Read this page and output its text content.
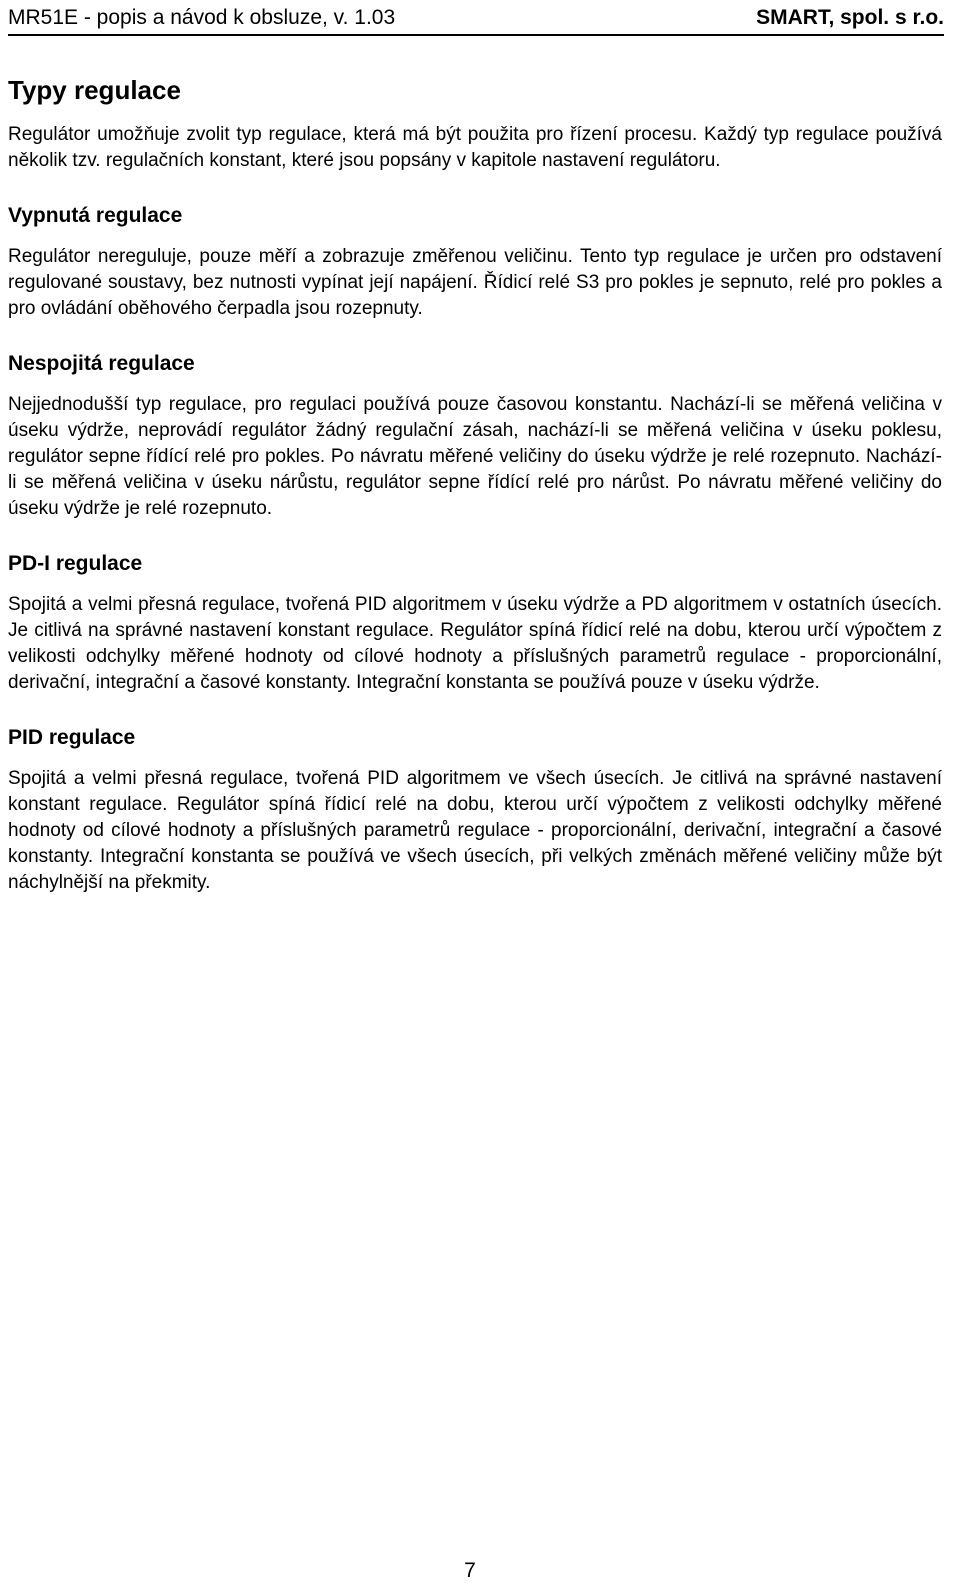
MR51E - popis a návod k obsluze, v. 1.03	SMART, spol. s r.o.
Typy regulace

Regulátor umožňuje zvolit typ regulace, která má být použita pro řízení procesu. Každý typ regulace používá několik tzv. regulačních konstant, které jsou popsány v kapitole nastavení regulátoru.

Vypnutá regulace

Regulátor nereguluje, pouze měří a zobrazuje změřenou veličinu. Tento typ regulace je určen pro odstavení regulované soustavy, bez nutnosti vypínat její napájení. Řídicí relé S3 pro pokles je sepnuto, relé pro pokles a pro ovládání oběhového čerpadla jsou rozepnuty.

Nespojitá regulace

Nejjednodušší typ regulace, pro regulaci používá pouze časovou konstantu. Nachází-li se měřená veličina v úseku výdrže, neprovádí regulátor žádný regulační zásah, nachází-li se měřená veličina v úseku poklesu, regulátor sepne řídící relé pro pokles. Po návratu měřené veličiny do úseku výdrže je relé rozepnuto. Nachází-li se měřená veličina v úseku nárůstu, regulátor sepne řídící relé pro nárůst. Po návratu měřené veličiny do úseku výdrže je relé rozepnuto.

PD-I regulace

Spojitá a velmi přesná regulace, tvořená PID algoritmem v úseku výdrže a PD algoritmem v ostatních úsecích. Je citlivá na správné nastavení konstant regulace. Regulátor spíná řídicí relé na dobu, kterou určí výpočtem z velikosti odchylky měřené hodnoty od cílové hodnoty a příslušných parametrů regulace - proporcionální, derivační, integrační a časové konstanty. Integrační konstanta se používá pouze v úseku výdrže.

PID regulace

Spojitá a velmi přesná regulace, tvořená PID algoritmem ve všech úsecích. Je citlivá na správné nastavení konstant regulace. Regulátor spíná řídicí relé na dobu, kterou určí výpočtem z velikosti odchylky měřené hodnoty od cílové hodnoty a příslušných parametrů regulace - proporcionální, derivační, integrační a časové konstanty. Integrační konstanta se používá ve všech úsecích, při velkých změnách měřené veličiny může být náchylnější na překmity.

7
